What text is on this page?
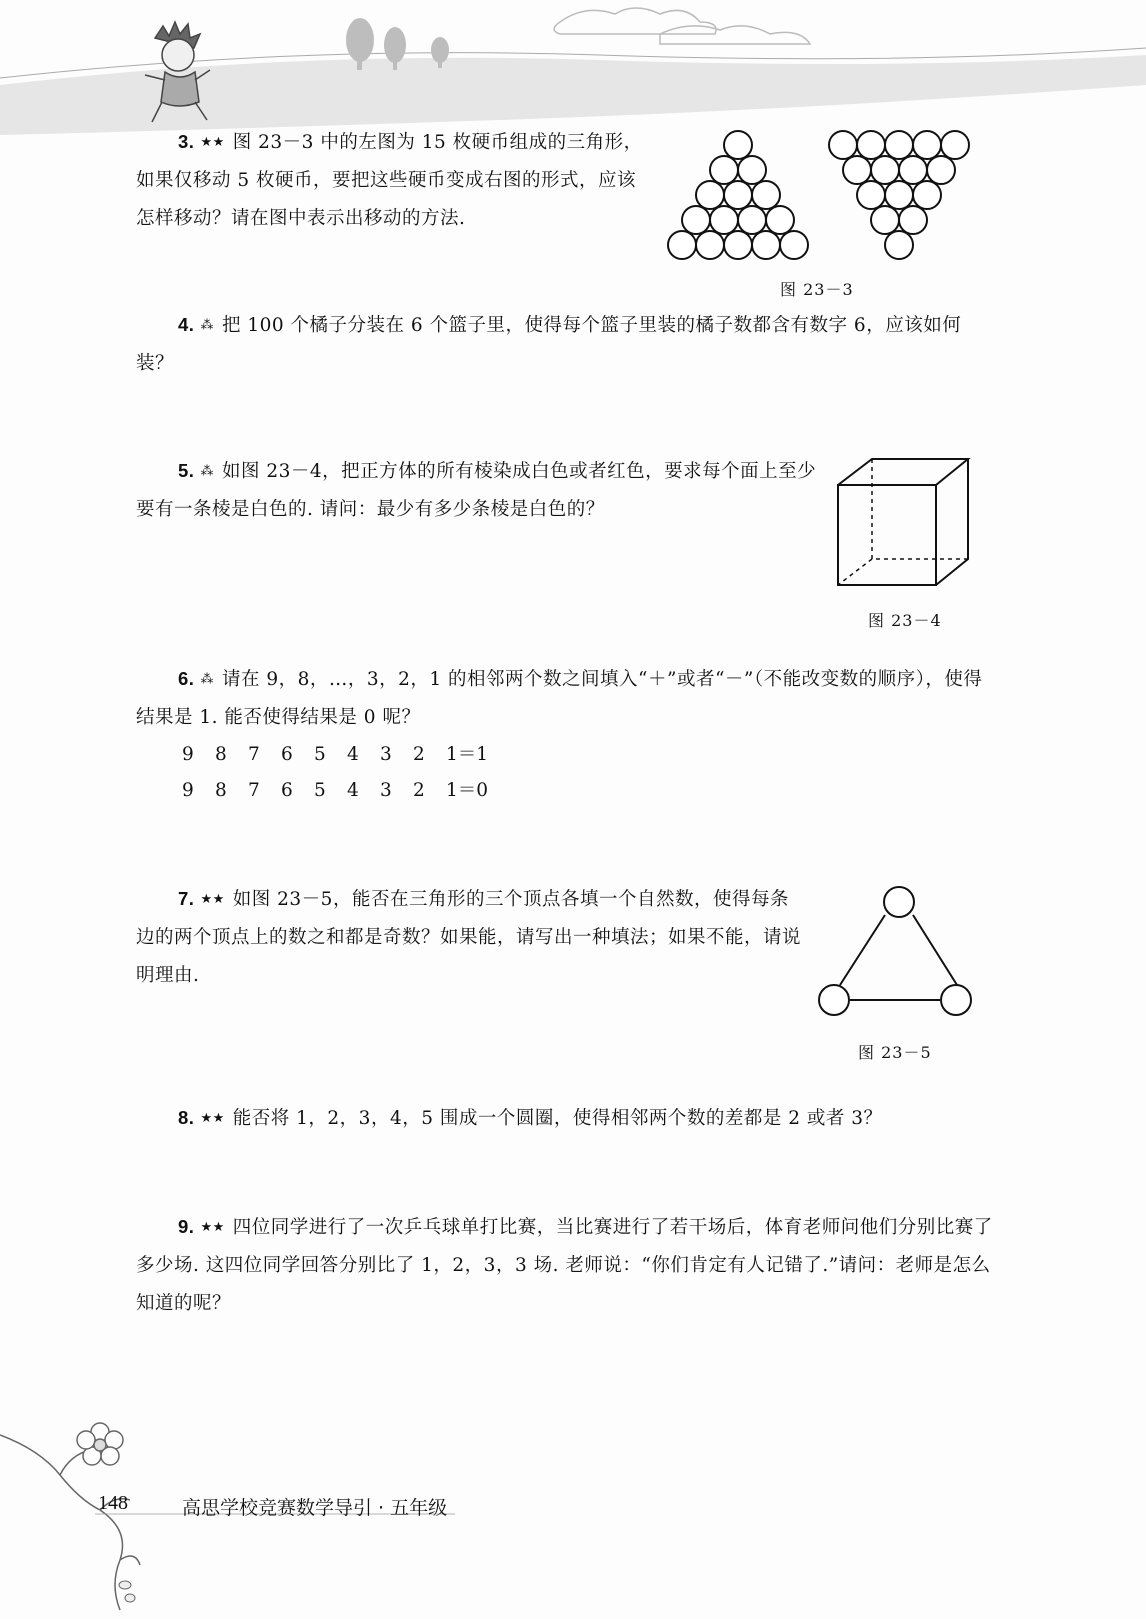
3. ★★ 图 23－3 中的左图为 15 枚硬币组成的三角形，如果仅移动 5 枚硬币，要把这些硬币变成右图的形式，应该怎样移动？请在图中表示出移动的方法.
图 23－3
4. ⁂ 把 100 个橘子分装在 6 个篮子里，使得每个篮子里装的橘子数都含有数字 6，应该如何装？
5. ⁂ 如图 23－4，把正方体的所有棱染成白色或者红色，要求每个面上至少要有一条棱是白色的. 请问：最少有多少条棱是白色的？
图 23－4
6. ⁂ 请在 9，8，…，3，2，1 的相邻两个数之间填入“＋”或者“－”（不能改变数的顺序），使得结果是 1. 能否使得结果是 0 呢？
9 8 7 6 5 4 3 2 1＝1
9 8 7 6 5 4 3 2 1＝0
7. ★★ 如图 23－5，能否在三角形的三个顶点各填一个自然数，使得每条边的两个顶点上的数之和都是奇数？如果能，请写出一种填法；如果不能，请说明理由.
图 23－5
8. ★★ 能否将 1，2，3，4，5 围成一个圆圈，使得相邻两个数的差都是 2 或者 3？
9. ★★ 四位同学进行了一次乒乓球单打比赛，当比赛进行了若干场后，体育老师问他们分别比赛了多少场. 这四位同学回答分别比了 1，2，3，3 场. 老师说：“你们肯定有人记错了.”请问：老师是怎么知道的呢？
148	高思学校竞赛数学导引 · 五年级
